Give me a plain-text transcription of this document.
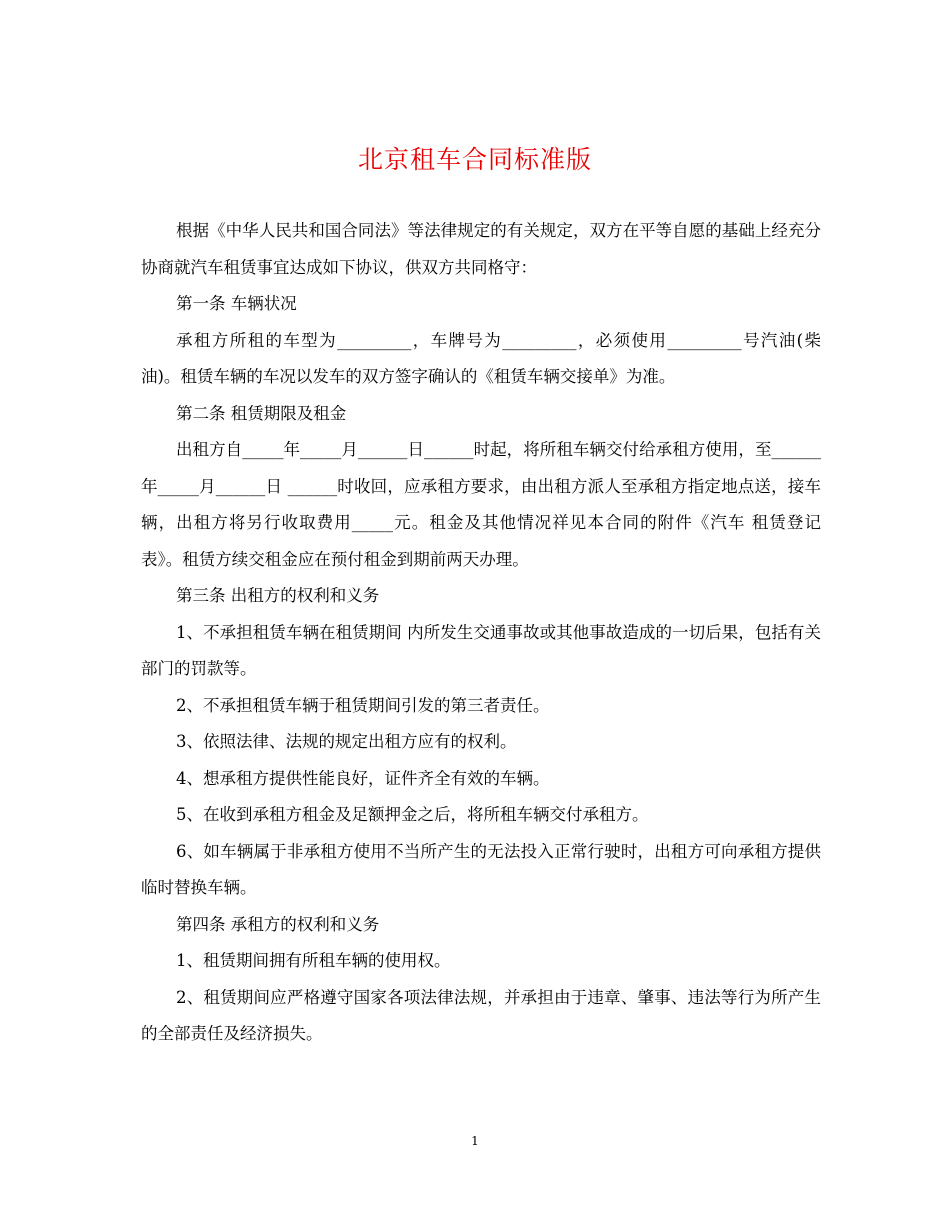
北京租车合同标准版

根据《中华人民共和国合同法》等法律规定的有关规定，双方在平等自愿的基础上经充分协商就汽车租赁事宜达成如下协议，供双方共同格守：

第一条 车辆状况

承租方所租的车型为_________，车牌号为_________，必须使用_________号汽油(柴油)。租赁车辆的车况以发车的双方签字确认的《租赁车辆交接单》为准。

第二条 租赁期限及租金

出租方自_____年_____月______日______时起，将所租车辆交付给承租方使用，至______年_____月______日 ______时收回，应承租方要求，由出租方派人至承租方指定地点送，接车辆，出租方将另行收取费用_____元。租金及其他情况祥见本合同的附件《汽车 租赁登记表》。租赁方续交租金应在预付租金到期前两天办理。

第三条 出租方的权利和义务

1、不承担租赁车辆在租赁期间 内所发生交通事故或其他事故造成的一切后果，包括有关部门的罚款等。

2、不承担租赁车辆于租赁期间引发的第三者责任。

3、依照法律、法规的规定出租方应有的权利。

4、想承租方提供性能良好，证件齐全有效的车辆。

5、在收到承租方租金及足额押金之后，将所租车辆交付承租方。

6、如车辆属于非承租方使用不当所产生的无法投入正常行驶时，出租方可向承租方提供临时替换车辆。

第四条 承租方的权利和义务

1、租赁期间拥有所租车辆的使用权。

2、租赁期间应严格遵守国家各项法律法规，并承担由于违章、肇事、违法等行为所产生的全部责任及经济损失。

1
